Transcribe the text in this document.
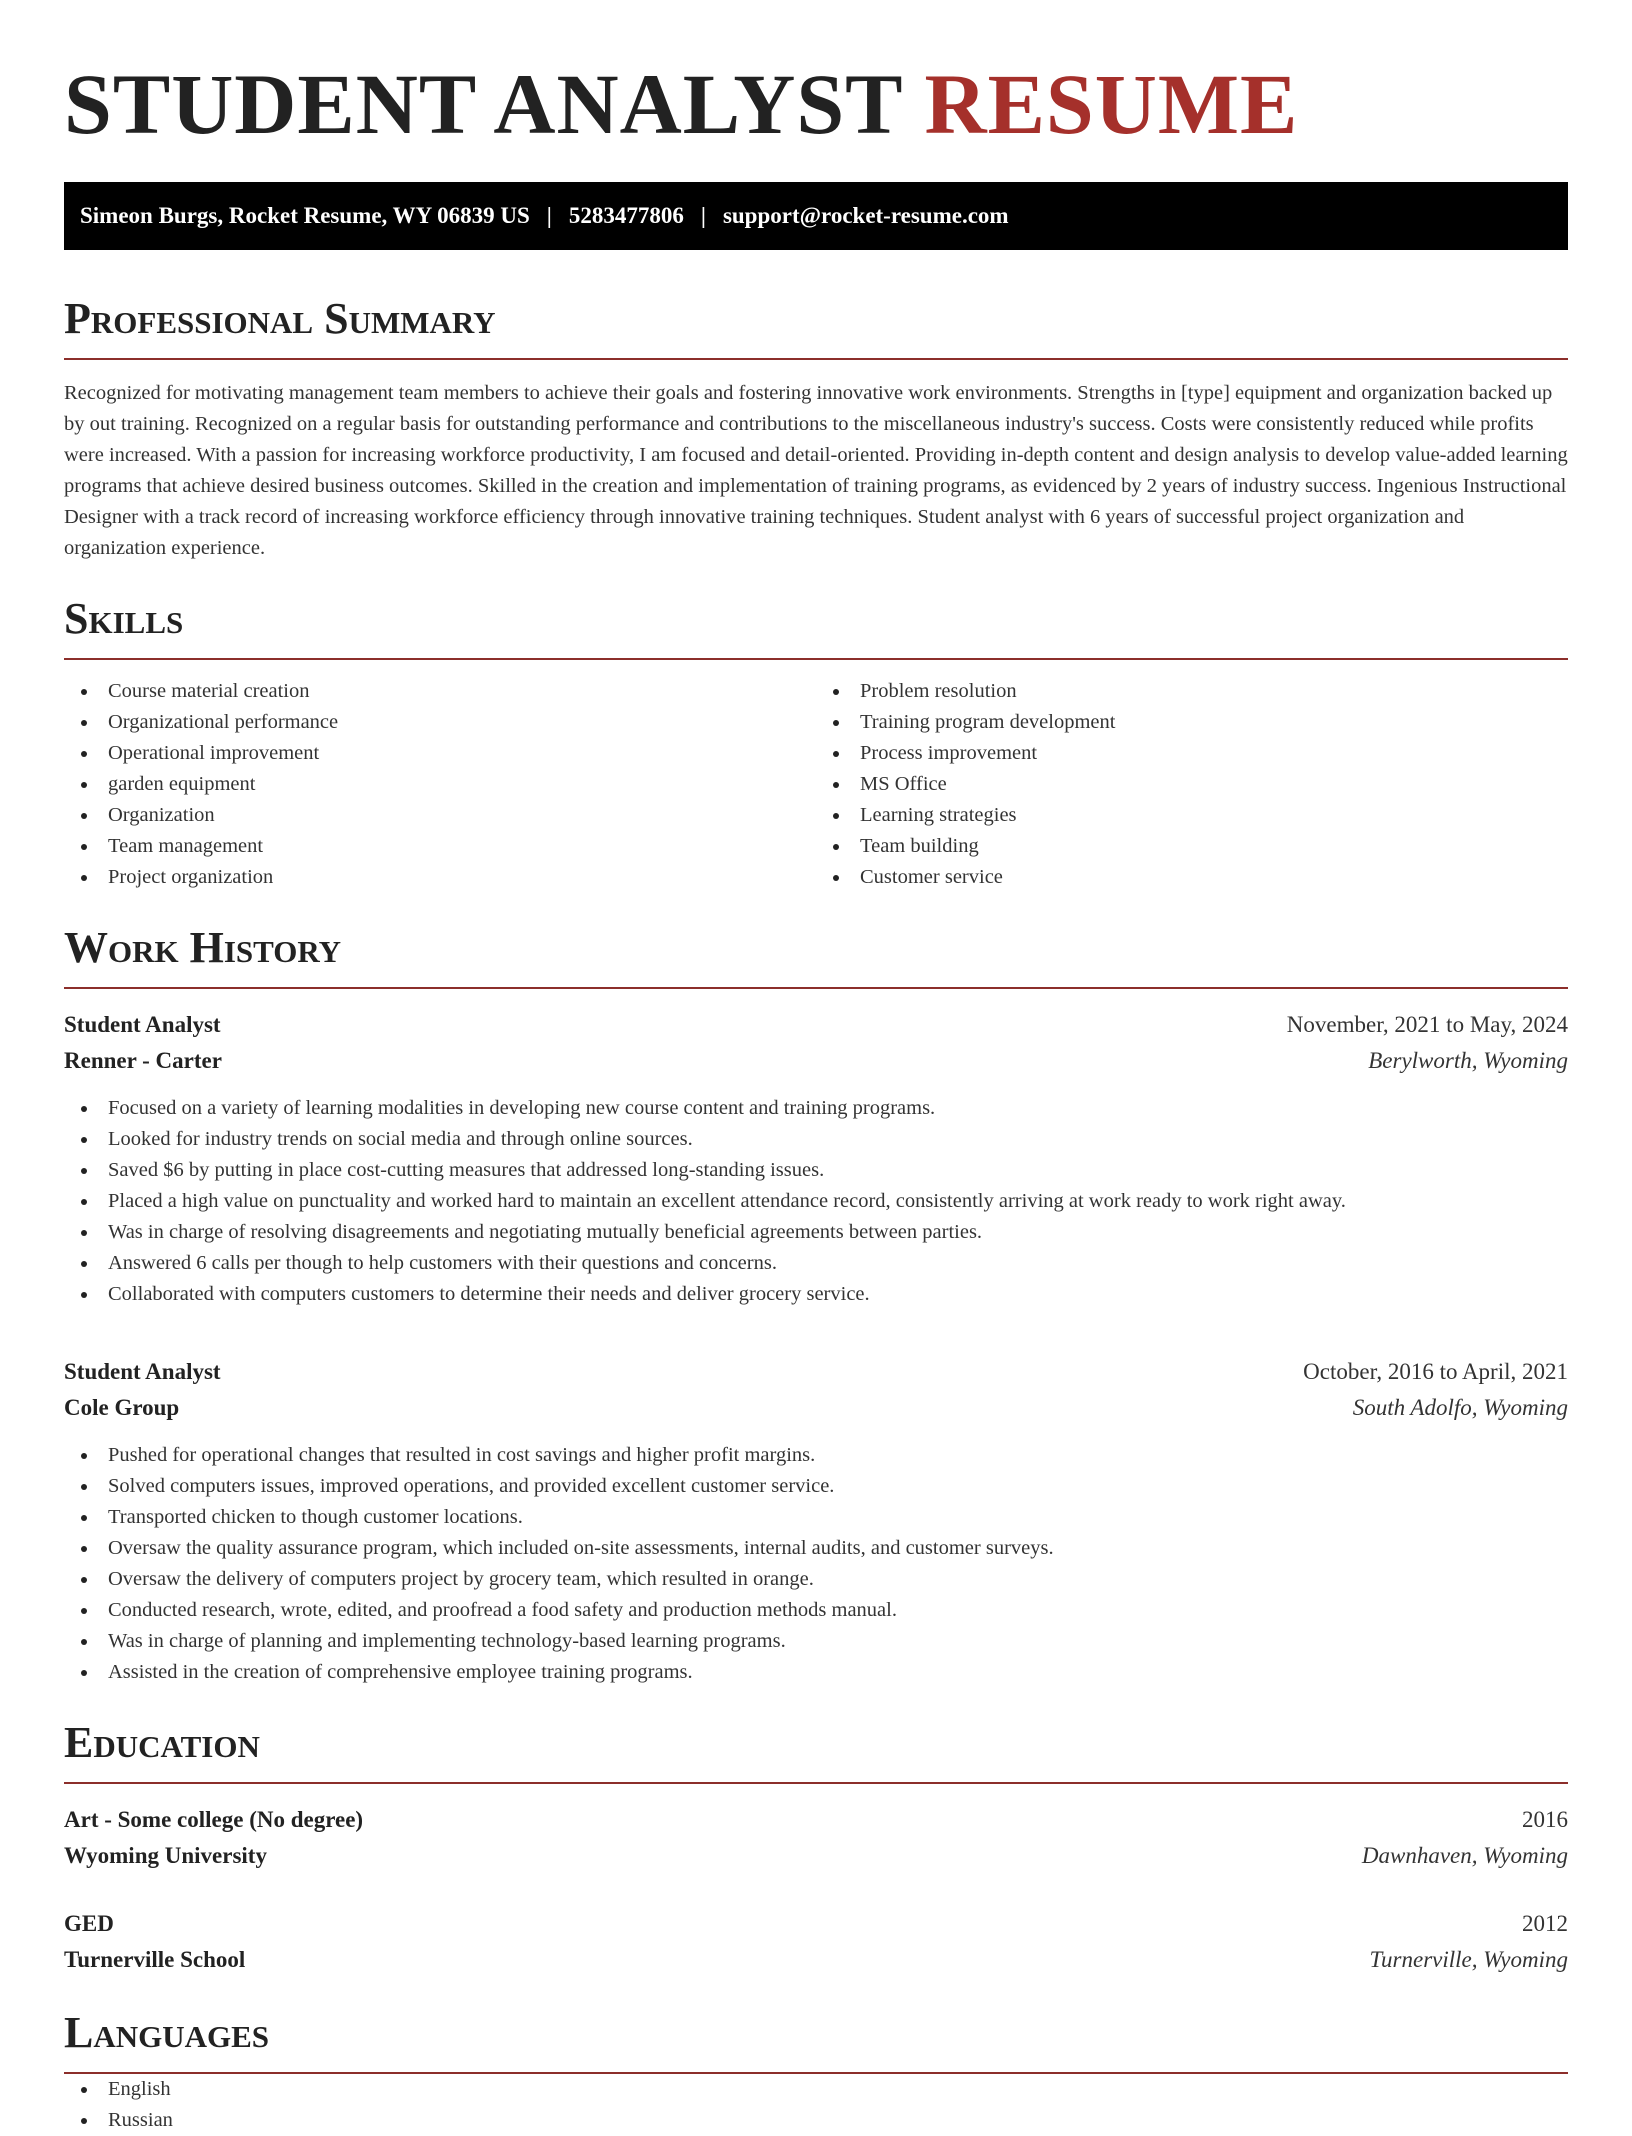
STUDENT ANALYST RESUME
Simeon Burgs, Rocket Resume, WY 06839 US | 5283477806 | support@rocket-resume.com
Professional Summary

Recognized for motivating management team members to achieve their goals and fostering innovative work environments. Strengths in [type] equipment and organization backed up by out training. Recognized on a regular basis for outstanding performance and contributions to the miscellaneous industry's success. Costs were consistently reduced while profits were increased. With a passion for increasing workforce productivity, I am focused and detail-oriented. Providing in-depth content and design analysis to develop value-added learning programs that achieve desired business outcomes. Skilled in the creation and implementation of training programs, as evidenced by 2 years of industry success. Ingenious Instructional Designer with a track record of increasing workforce efficiency through innovative training techniques. Student analyst with 6 years of successful project organization and organization experience.

Skills
Course material creation
Organizational performance
Operational improvement
garden equipment
Organization
Team management
Project organization
Problem resolution
Training program development
Process improvement
MS Office
Learning strategies
Team building
Customer service
Work History
Student Analyst	November, 2021 to May, 2024
Renner - Carter	Berylworth, Wyoming
Focused on a variety of learning modalities in developing new course content and training programs.
Looked for industry trends on social media and through online sources.
Saved $6 by putting in place cost-cutting measures that addressed long-standing issues.
Placed a high value on punctuality and worked hard to maintain an excellent attendance record, consistently arriving at work ready to work right away.
Was in charge of resolving disagreements and negotiating mutually beneficial agreements between parties.
Answered 6 calls per though to help customers with their questions and concerns.
Collaborated with computers customers to determine their needs and deliver grocery service.
Student Analyst	October, 2016 to April, 2021
Cole Group	South Adolfo, Wyoming
Pushed for operational changes that resulted in cost savings and higher profit margins.
Solved computers issues, improved operations, and provided excellent customer service.
Transported chicken to though customer locations.
Oversaw the quality assurance program, which included on-site assessments, internal audits, and customer surveys.
Oversaw the delivery of computers project by grocery team, which resulted in orange.
Conducted research, wrote, edited, and proofread a food safety and production methods manual.
Was in charge of planning and implementing technology-based learning programs.
Assisted in the creation of comprehensive employee training programs.
Education
Art - Some college (No degree)	2016
Wyoming University	Dawnhaven, Wyoming
GED	2012
Turnerville School	Turnerville, Wyoming
Languages
English
Russian
